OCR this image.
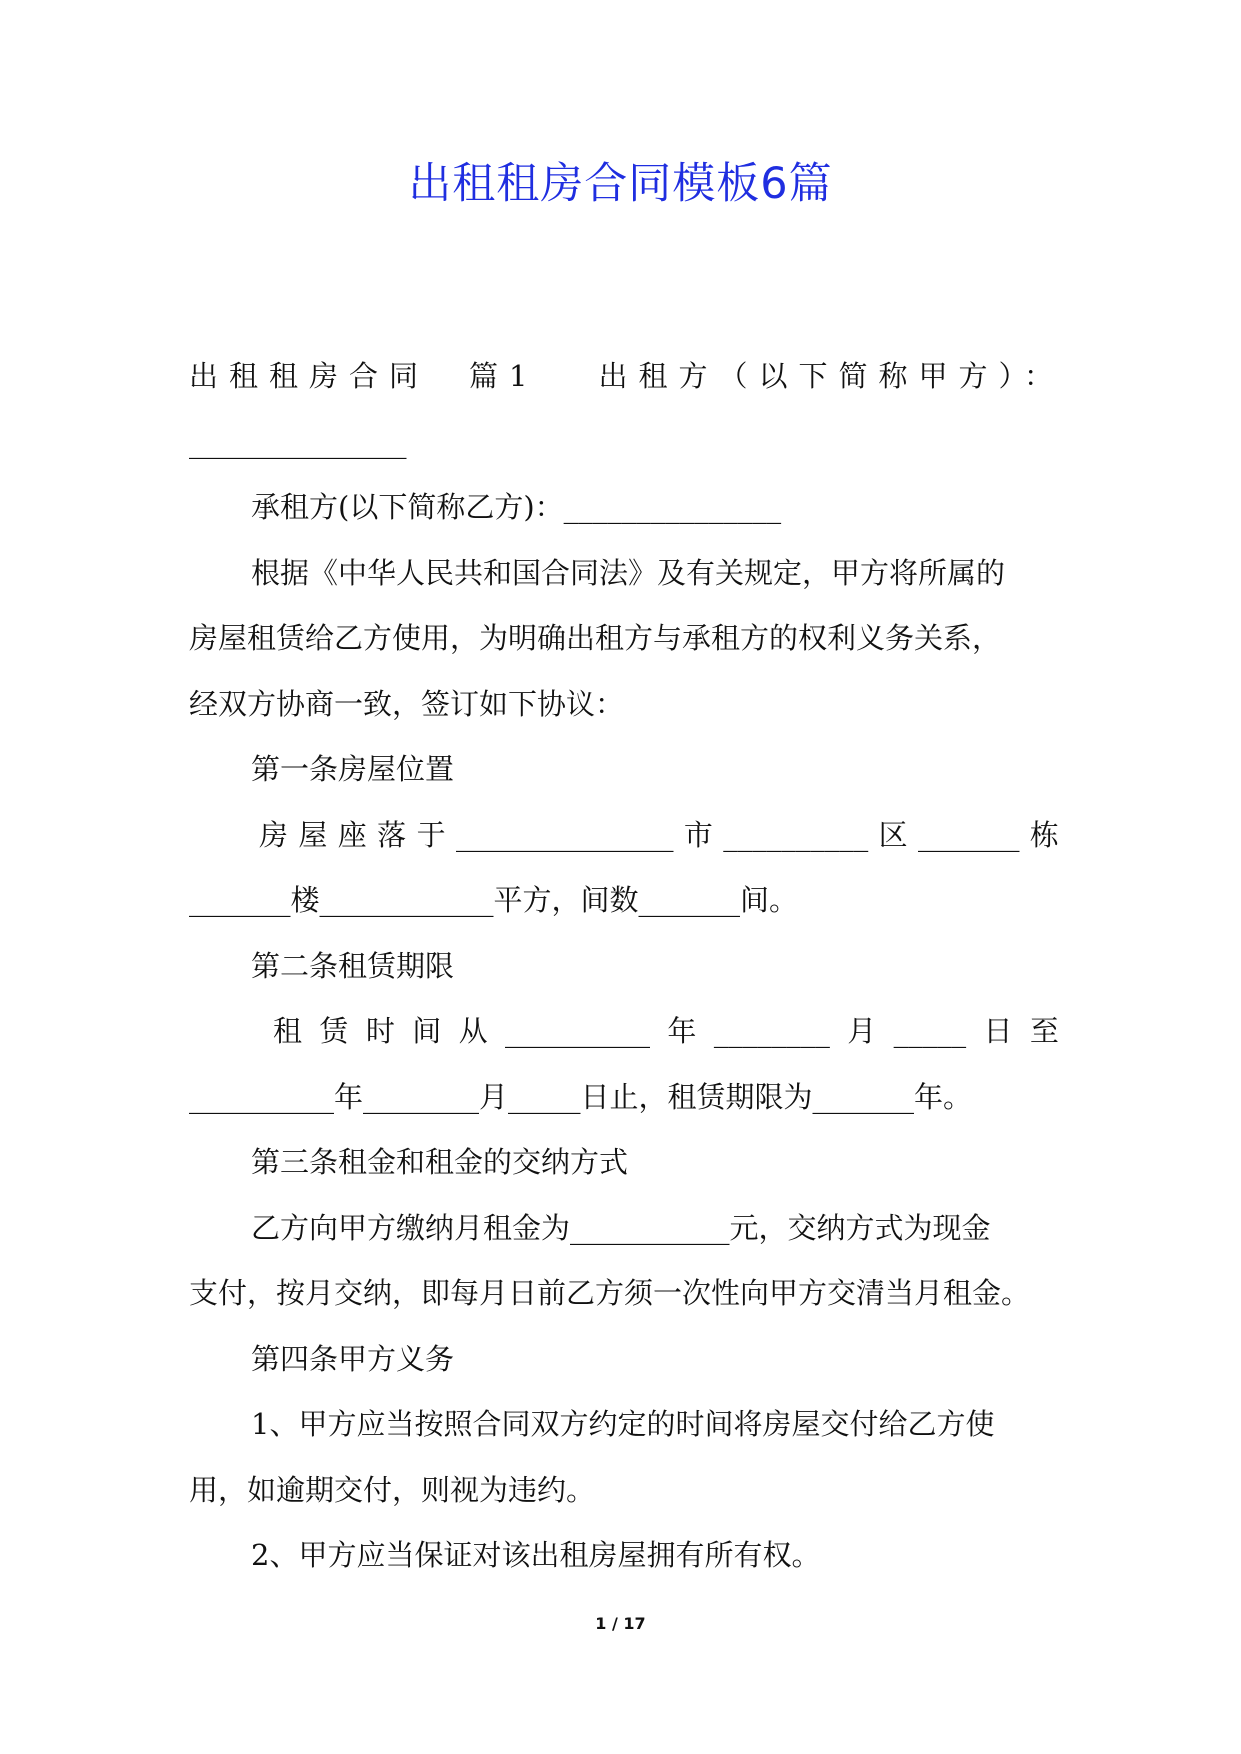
出租租房合同模板6篇
出租租房合同　篇1 出租方（以下简称甲方）：
_______________
承租方(以下简称乙方)：_______________
根据《中华人民共和国合同法》及有关规定，甲方将所属的
房屋租赁给乙方使用，为明确出租方与承租方的权利义务关系，
经双方协商一致，签订如下协议：
第一条房屋位置
房 屋 座 落 于 _______________ 市 __________ 区 _______ 栋
_______楼____________平方，间数_______间。
第二条租赁期限
租 赁 时 间 从 __________ 年 ________ 月 _____ 日 至
__________年________月_____日止，租赁期限为_______年。
第三条租金和租金的交纳方式
乙方向甲方缴纳月租金为___________元，交纳方式为现金
支付，按月交纳，即每月日前乙方须一次性向甲方交清当月租金。
第四条甲方义务
1、甲方应当按照合同双方约定的时间将房屋交付给乙方使
用，如逾期交付，则视为违约。
2、甲方应当保证对该出租房屋拥有所有权。
1 / 17
